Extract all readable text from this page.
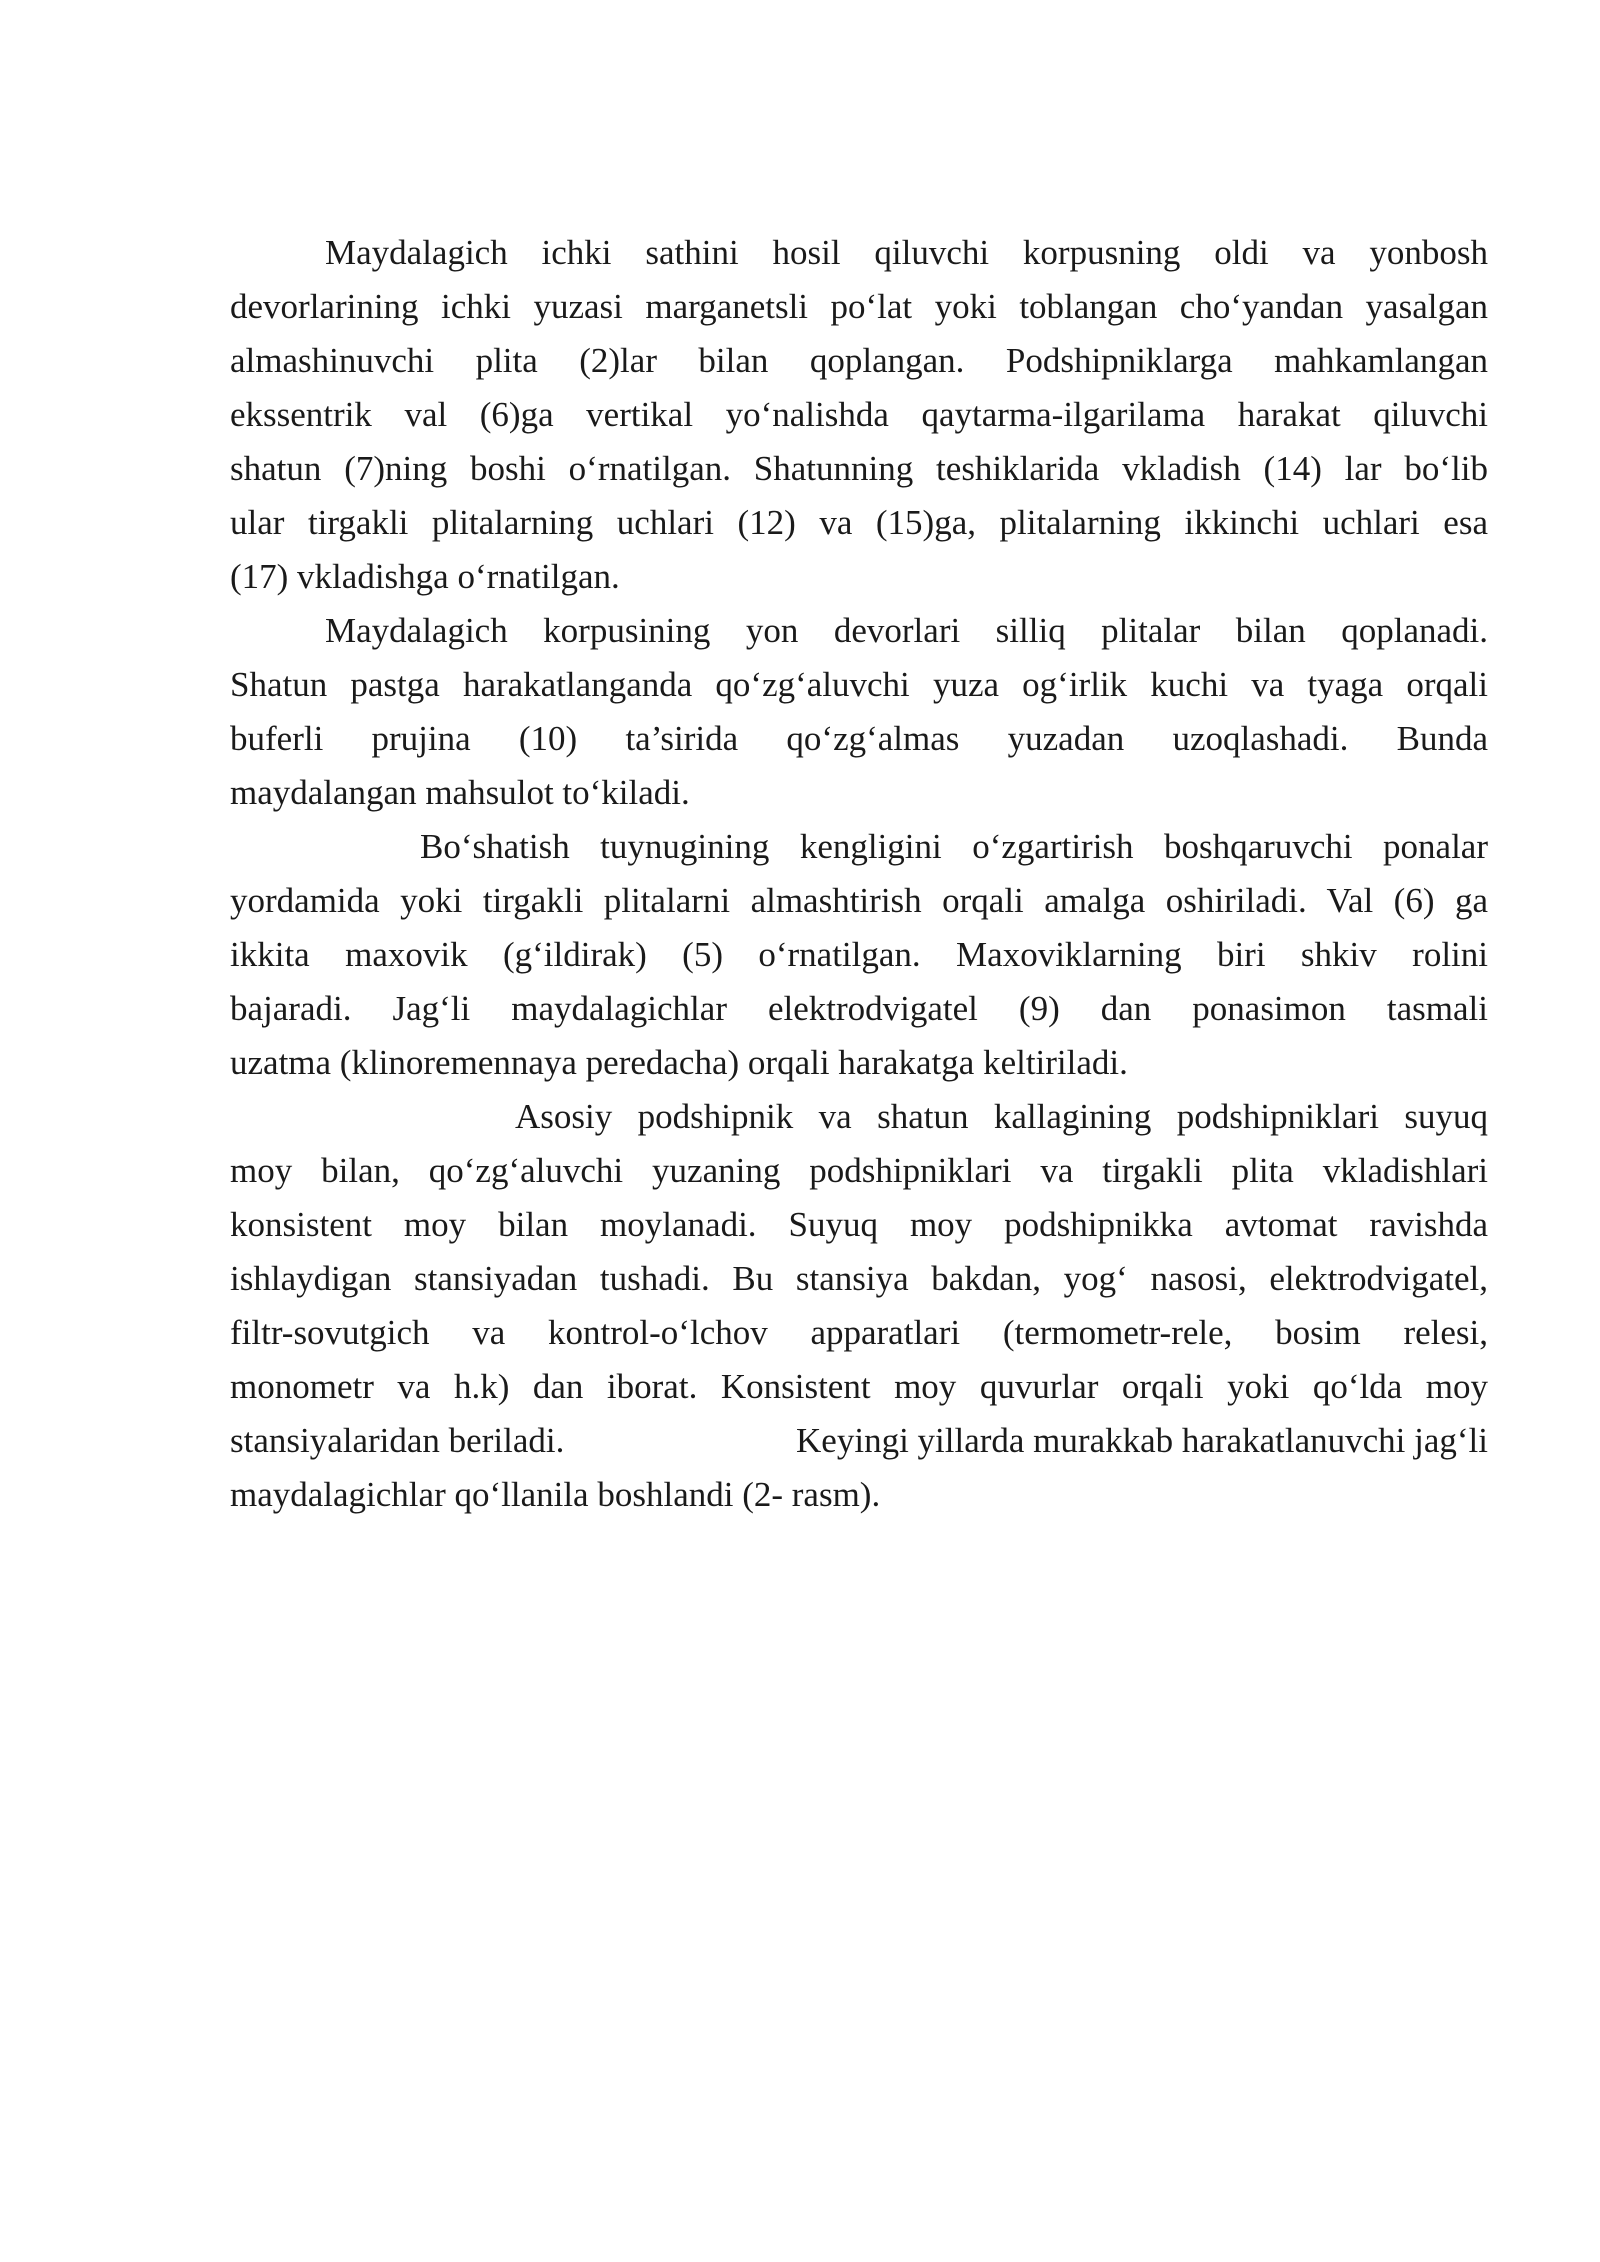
Maydalagich ichki sathini hosil qiluvchi korpusning oldi va yonbosh
devorlarining ichki yuzasi marganetsli po‘lat yoki toblangan cho‘yandan yasalgan
almashinuvchi plita (2)lar bilan qoplangan. Podshipniklarga mahkamlangan
ekssentrik val (6)ga vertikal yo‘nalishda qaytarma-ilgarilama harakat qiluvchi
shatun (7)ning boshi o‘rnatilgan. Shatunning teshiklarida vkladish (14) lar bo‘lib
ular tirgakli plitalarning uchlari (12) va (15)ga, plitalarning ikkinchi uchlari esa
(17) vkladishga o‘rnatilgan.
Maydalagich korpusining yon devorlari silliq plitalar bilan qoplanadi.
Shatun pastga harakatlanganda qo‘zg‘aluvchi yuza og‘irlik kuchi va tyaga orqali
buferli prujina (10) ta’sirida qo‘zg‘almas yuzadan uzoqlashadi. Bunda
maydalangan mahsulot to‘kiladi.
Bo‘shatish tuynugining kengligini o‘zgartirish boshqaruvchi ponalar
yordamida yoki tirgakli plitalarni almashtirish orqali amalga oshiriladi. Val (6) ga
ikkita maxovik (g‘ildirak) (5) o‘rnatilgan. Maxoviklarning biri shkiv rolini
bajaradi. Jag‘li maydalagichlar elektrodvigatel (9) dan ponasimon tasmali
uzatma (klinoremennaya peredacha) orqali harakatga keltiriladi.
Asosiy podshipnik va shatun kallagining podshipniklari suyuq
moy bilan, qo‘zg‘aluvchi yuzaning podshipniklari va tirgakli plita vkladishlari
konsistent moy bilan moylanadi. Suyuq moy podshipnikka avtomat ravishda
ishlaydigan stansiyadan tushadi. Bu stansiya bakdan, yog‘ nasosi, elektrodvigatel,
filtr-sovutgich va kontrol-o‘lchov apparatlari (termometr-rele, bosim relesi,
monometr va h.k) dan iborat. Konsistent moy quvurlar orqali yoki qo‘lda moy
stansiyalaridan beriladi.	Keyingi yillarda murakkab harakatlanuvchi jag‘li
maydalagichlar qo‘llanila boshlandi (2- rasm).
